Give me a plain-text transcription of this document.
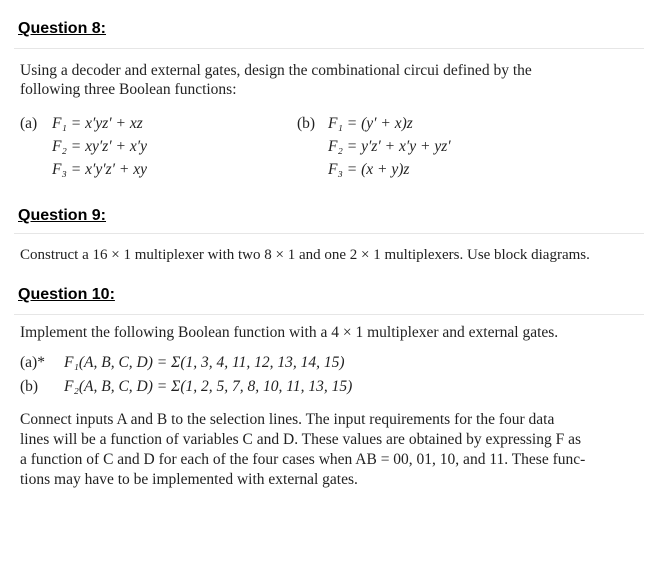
Question 8:
Using a decoder and external gates, design the combinational circui defined by the
following three Boolean functions:
(a) F₁ = x′yz′ + xz
F₂ = xy′z′ + x′y
F₃ = x′y′z′ + xy
(b) F₁ = (y′ + x)z
F₂ = y′z′ + x′y + yz′
F₃ = (x + y)z
Question 9:
Construct a 16 × 1 multiplexer with two 8 × 1 and one 2 × 1 multiplexers. Use block diagrams.
Question 10:
Implement the following Boolean function with a 4 × 1 multiplexer and external gates.
(a)* F₁(A, B, C, D) = Σ(1, 3, 4, 11, 12, 13, 14, 15)
(b) F₂(A, B, C, D) = Σ(1, 2, 5, 7, 8, 10, 11, 13, 15)
Connect inputs A and B to the selection lines. The input requirements for the four data
lines will be a function of variables C and D. These values are obtained by expressing F as
a function of C and D for each of the four cases when AB = 00, 01, 10, and 11. These func-
tions may have to be implemented with external gates.
